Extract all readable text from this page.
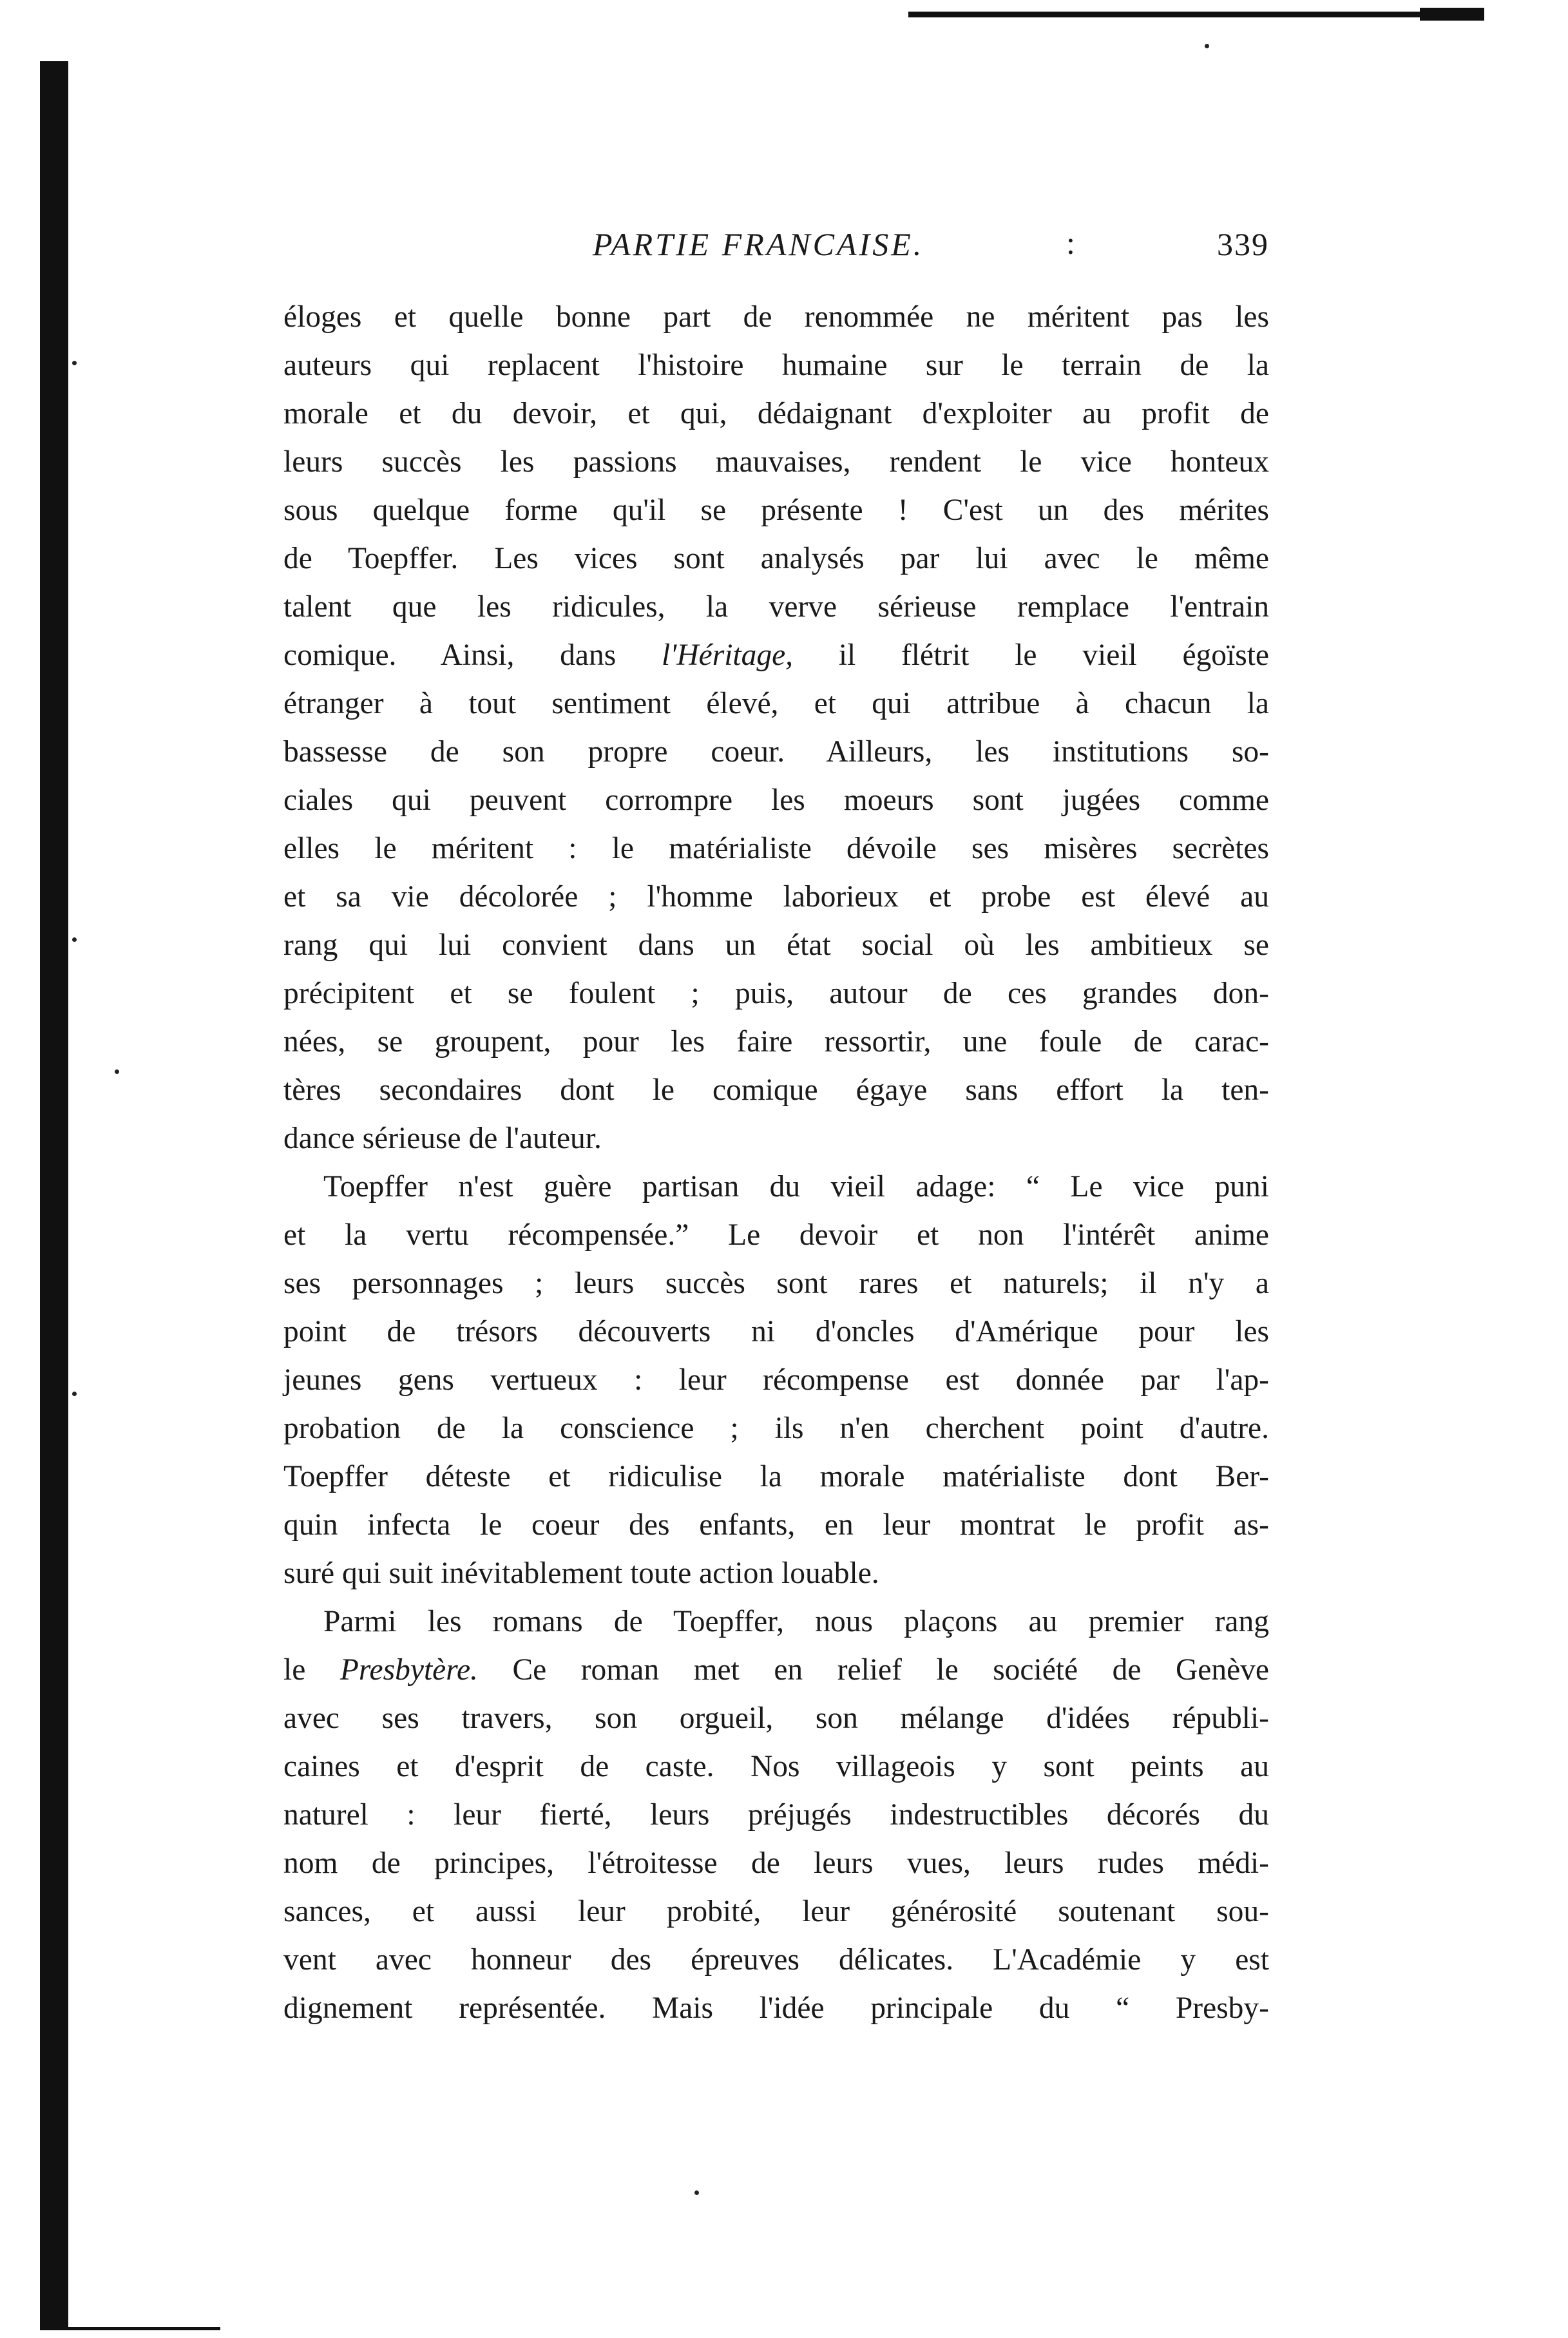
PARTIE FRANCAISE.	:	339
éloges et quelle bonne part de renommée ne méritent pas les
auteurs qui replacent l'histoire humaine sur le terrain de la
morale et du devoir, et qui, dédaignant d'exploiter au profit de
leurs succès les passions mauvaises, rendent le vice honteux
sous quelque forme qu'il se présente ! C'est un des mérites
de Toepffer. Les vices sont analysés par lui avec le même
talent que les ridicules, la verve sérieuse remplace l'entrain
comique. Ainsi, dans l'Héritage, il flétrit le vieil égoïste
étranger à tout sentiment élevé, et qui attribue à chacun la
bassesse de son propre coeur. Ailleurs, les institutions so-
ciales qui peuvent corrompre les moeurs sont jugées comme
elles le méritent : le matérialiste dévoile ses misères secrètes
et sa vie décolorée ; l'homme laborieux et probe est élevé au
rang qui lui convient dans un état social où les ambitieux se
précipitent et se foulent ; puis, autour de ces grandes don-
nées, se groupent, pour les faire ressortir, une foule de carac-
tères secondaires dont le comique égaye sans effort la ten-
dance sérieuse de l'auteur.
Toepffer n'est guère partisan du vieil adage: “ Le vice puni
et la vertu récompensée.” Le devoir et non l'intérêt anime
ses personnages ; leurs succès sont rares et naturels; il n'y a
point de trésors découverts ni d'oncles d'Amérique pour les
jeunes gens vertueux : leur récompense est donnée par l'ap-
probation de la conscience ; ils n'en cherchent point d'autre.
Toepffer déteste et ridiculise la morale matérialiste dont Ber-
quin infecta le coeur des enfants, en leur montrat le profit as-
suré qui suit inévitablement toute action louable.
Parmi les romans de Toepffer, nous plaçons au premier rang
le Presbytère. Ce roman met en relief le société de Genève
avec ses travers, son orgueil, son mélange d'idées républi-
caines et d'esprit de caste. Nos villageois y sont peints au
naturel : leur fierté, leurs préjugés indestructibles décorés du
nom de principes, l'étroitesse de leurs vues, leurs rudes médi-
sances, et aussi leur probité, leur générosité soutenant sou-
vent avec honneur des épreuves délicates. L'Académie y est
dignement représentée. Mais l'idée principale du “ Presby-
